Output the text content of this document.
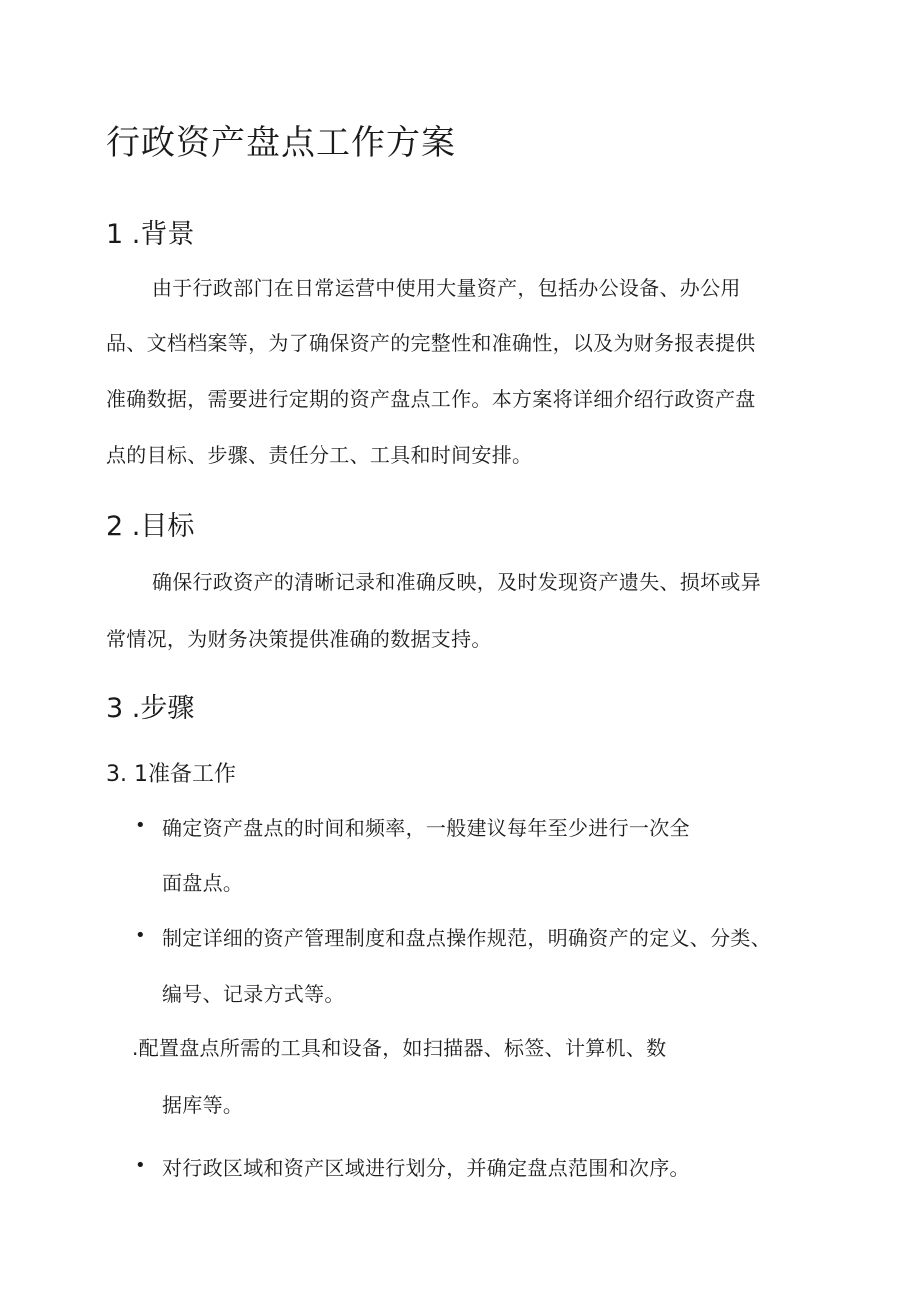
行政资产盘点工作方案
1 .背景

由于行政部门在日常运营中使用大量资产，包括办公设备、办公用

品、文档档案等，为了确保资产的完整性和准确性，以及为财务报表提供

准确数据，需要进行定期的资产盘点工作。本方案将详细介绍行政资产盘

点的目标、步骤、责任分工、工具和时间安排。

2 .目标

确保行政资产的清晰记录和准确反映，及时发现资产遗失、损坏或异

常情况，为财务决策提供准确的数据支持。

3 .步骤
3. 1准备工作
• 确定资产盘点的时间和频率，一般建议每年至少进行一次全

面盘点。

• 制定详细的资产管理制度和盘点操作规范，明确资产的定义、分类、

编号、记录方式等。

.配置盘点所需的工具和设备，如扫描器、标签、计算机、数

据库等。

• 对行政区域和资产区域进行划分，并确定盘点范围和次序。
